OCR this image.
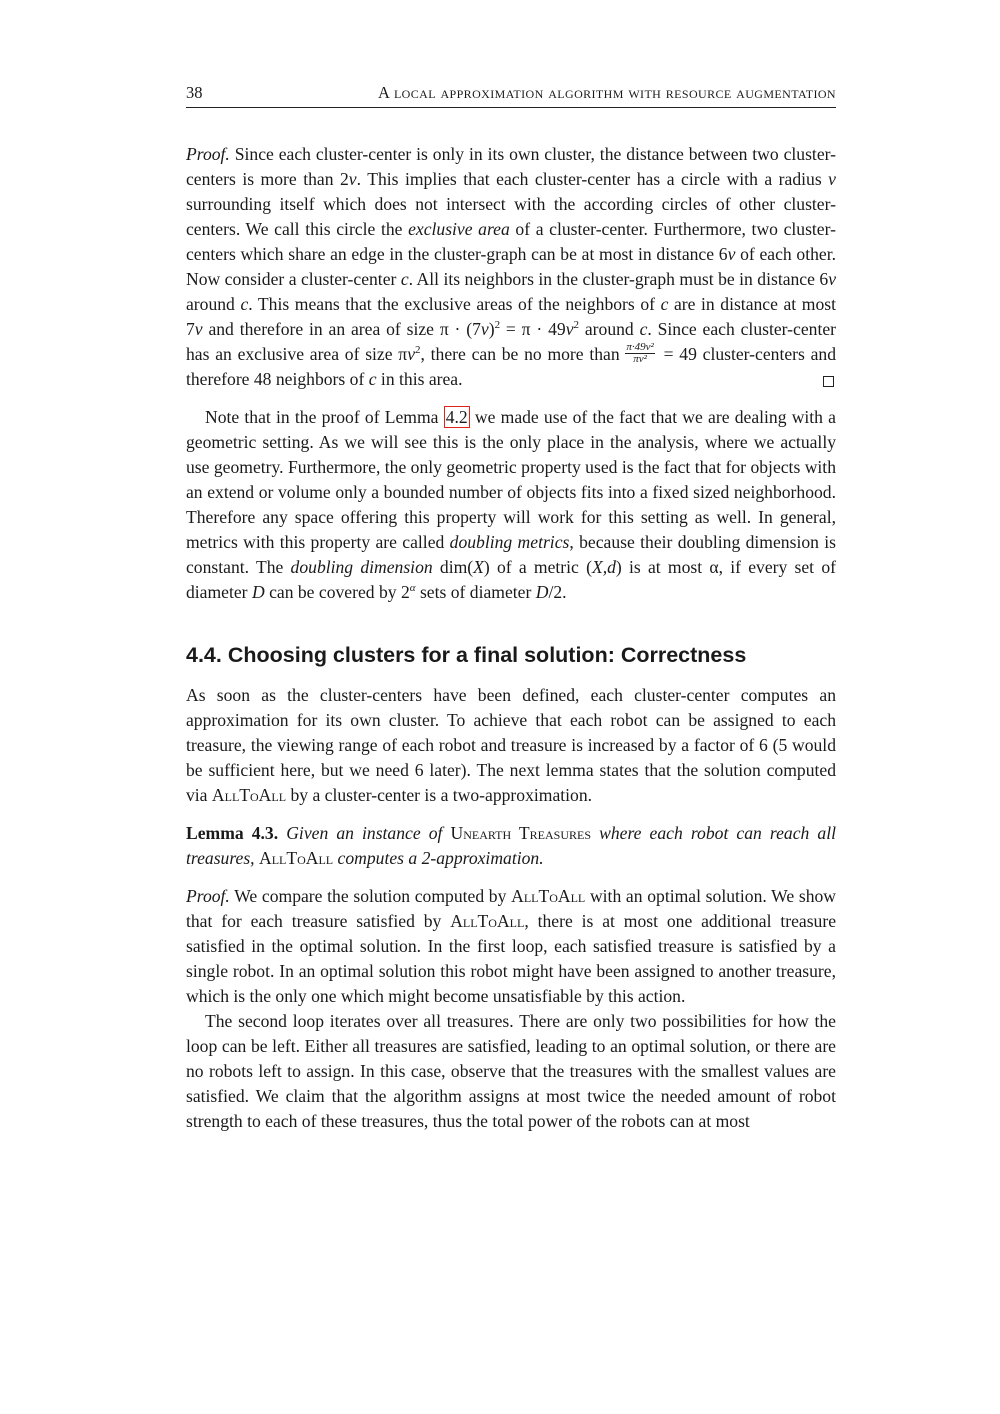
38	A local approximation algorithm with resource augmentation

Proof. Since each cluster-center is only in its own cluster, the distance between two cluster-centers is more than 2v. This implies that each cluster-center has a circle with a radius v surrounding itself which does not intersect with the according circles of other cluster-centers. We call this circle the exclusive area of a cluster-center. Furthermore, two cluster-centers which share an edge in the cluster-graph can be at most in distance 6v of each other. Now consider a cluster-center c. All its neighbors in the cluster-graph must be in distance 6v around c. This means that the exclusive areas of the neighbors of c are in distance at most 7v and therefore in an area of size $\pi \cdot (7v)^2 = \pi \cdot 49v^2$ around c. Since each cluster-center has an exclusive area of size $\pi v^2$, there can be no more than $\frac{\text{π·49v²}}{\text{πv²}} = 49$ cluster-centers and therefore 48 neighbors of c in this area.

Note that in the proof of Lemma 4.2 we made use of the fact that we are dealing with a geometric setting. As we will see this is the only place in the analysis, where we actually use geometry. Furthermore, the only geometric property used is the fact that for objects with an extend or volume only a bounded number of objects fits into a fixed sized neighborhood. Therefore any space offering this property will work for this setting as well. In general, metrics with this property are called doubling metrics, because their doubling dimension is constant. The doubling dimension dim(X) of a metric (X,d) is at most α, if every set of diameter D can be covered by $2^\alpha$ sets of diameter D/2.

4.4. Choosing clusters for a final solution: Correctness

As soon as the cluster-centers have been defined, each cluster-center computes an approximation for its own cluster. To achieve that each robot can be assigned to each treasure, the viewing range of each robot and treasure is increased by a factor of 6 (5 would be sufficient here, but we need 6 later). The next lemma states that the solution computed via AllToAll by a cluster-center is a two-approximation.

Lemma 4.3. Given an instance of Unearth Treasures where each robot can reach all treasures, AllToAll computes a 2-approximation.

Proof. We compare the solution computed by AllToAll with an optimal solution. We show that for each treasure satisfied by AllToAll, there is at most one additional treasure satisfied in the optimal solution. In the first loop, each satisfied treasure is satisfied by a single robot. In an optimal solution this robot might have been assigned to another treasure, which is the only one which might become unsatisfiable by this action.

The second loop iterates over all treasures. There are only two possibilities for how the loop can be left. Either all treasures are satisfied, leading to an optimal solution, or there are no robots left to assign. In this case, observe that the treasures with the smallest values are satisfied. We claim that the algorithm assigns at most twice the needed amount of robot strength to each of these treasures, thus the total power of the robots can at most
